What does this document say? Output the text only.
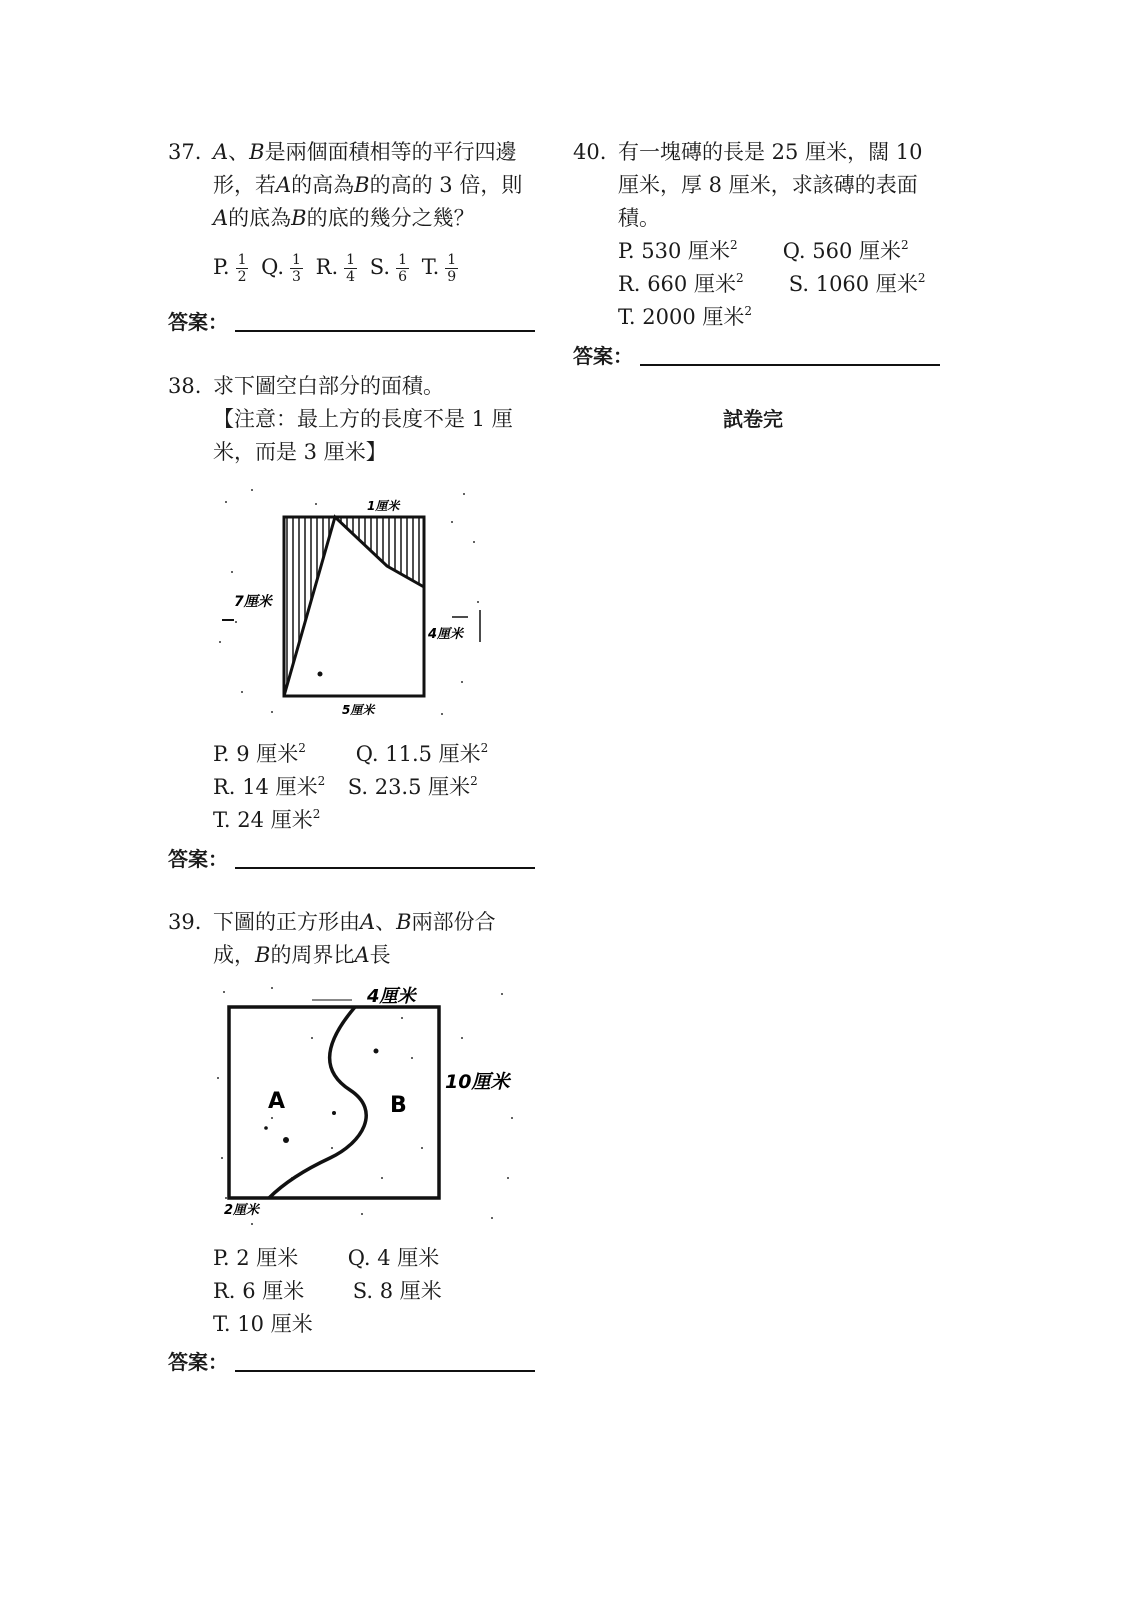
37. A、B是兩個面積相等的平行四邊
形，若A的高為B的高的 3 倍，則
A的底為B的底的幾分之幾？
P. $\frac{1}{2} Q$. $\frac{1}{3} R$. $\frac{1}{4} S$. $\frac{1}{6} T$. $\frac{1}{9}$
答案：
38. 求下圖空白部分的面積。
【注意：最上方的長度不是 1 厘
米，而是 3 厘米】
1厘米
7厘米
4厘米
5厘米
P. 9 厘米$^2$ Q. 11.5 厘米$^2$
R. 14 厘米$^2$ S. 23.5 厘米$^2$
T. 24 厘米$^2$
答案：
39. 下圖的正方形由A、B兩部份合
成，B的周界比A長
4厘米
10厘米
2厘米
A	B
P. 2 厘米 Q. 4 厘米
R. 6 厘米 S. 8 厘米
T. 10 厘米
答案：
40. 有一塊磚的長是 25 厘米，闊 10
厘米，厚 8 厘米，求該磚的表面
積。
P. 530 厘米$^2$ Q. 560 厘米$^2$
R. 660 厘米$^2$ S. 1060 厘米$^2$
T. 2000 厘米$^2$
答案：
試卷完
